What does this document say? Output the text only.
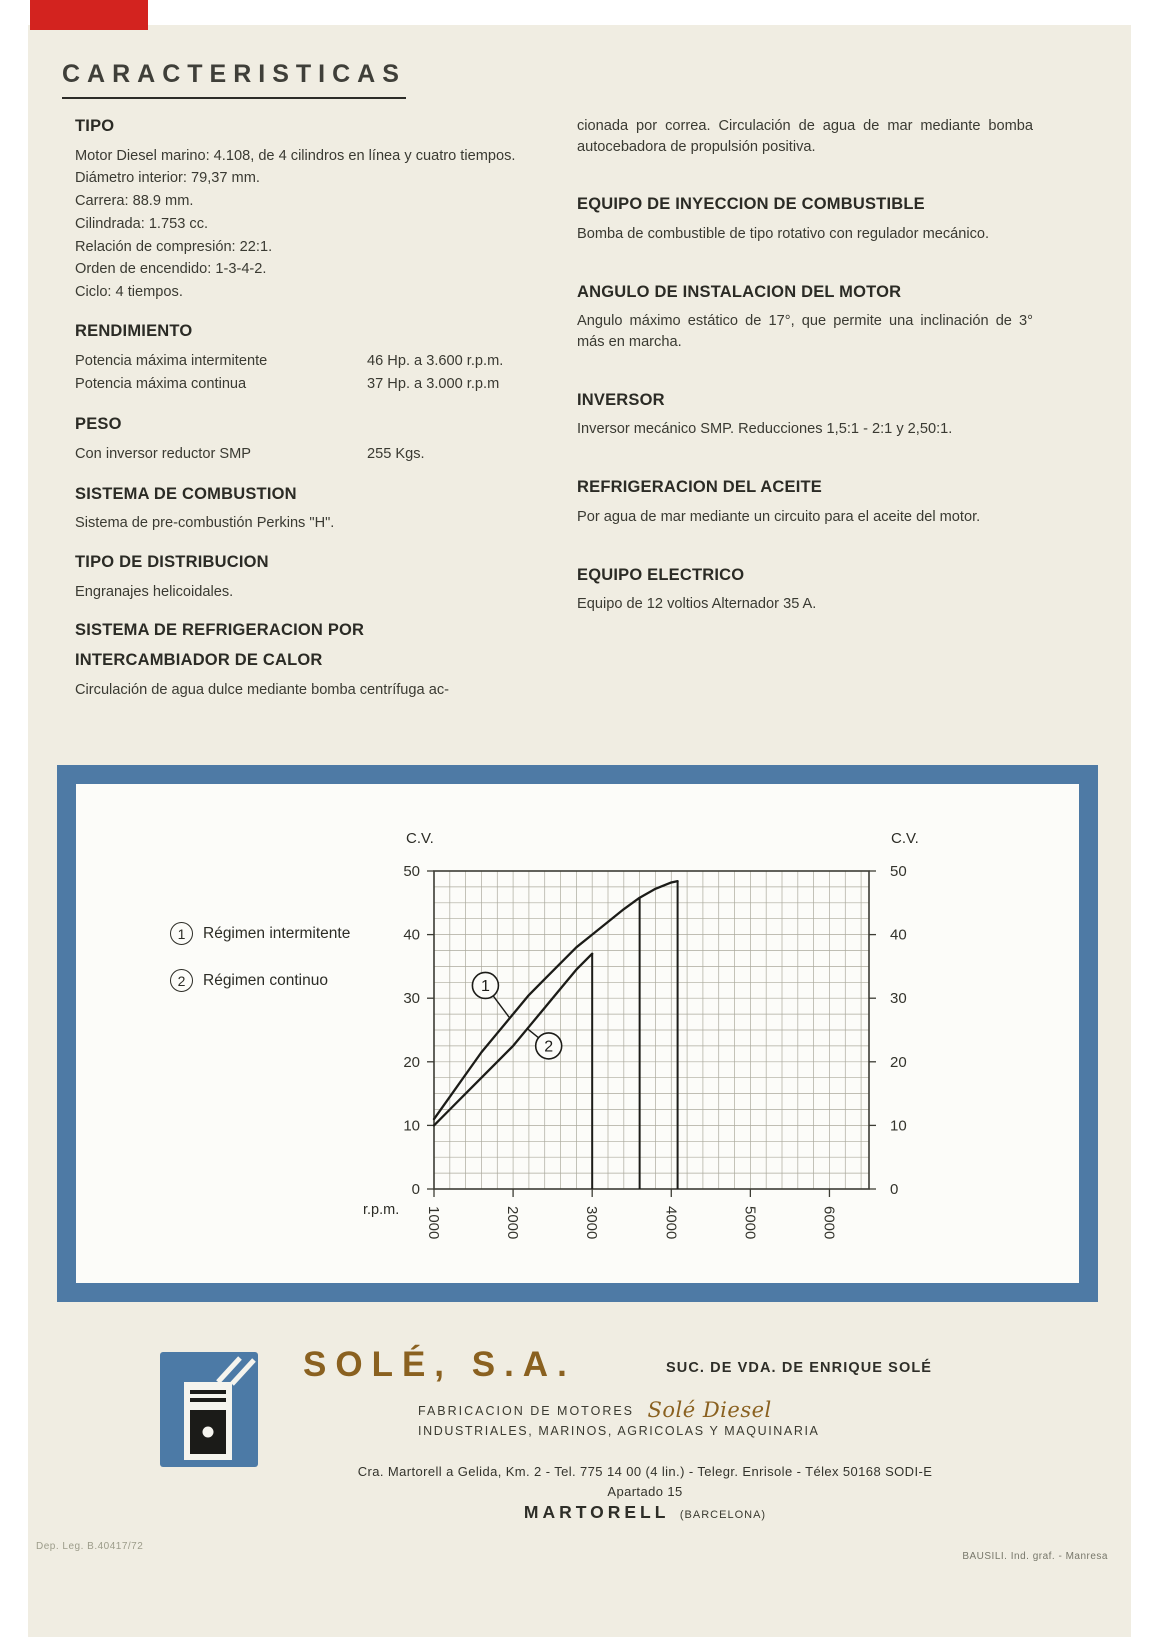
CARACTERISTICAS
TIPO

Motor Diesel marino: 4.108, de 4 cilindros en línea y cuatro tiempos.

Diámetro interior: 79,37 mm.

Carrera: 88.9 mm.

Cilindrada: 1.753 cc.

Relación de compresión: 22:1.

Orden de encendido: 1-3-4-2.

Ciclo: 4 tiempos.

RENDIMIENTO
Potencia máxima intermitente	46 Hp. a 3.600 r.p.m.
Potencia máxima continua	37 Hp. a 3.000 r.p.m
PESO
Con inversor reductor SMP	255 Kgs.
SISTEMA DE COMBUSTION

Sistema de pre-combustión Perkins "H".

TIPO DE DISTRIBUCION

Engranajes helicoidales.

SISTEMA DE REFRIGERACION POR
INTERCAMBIADOR DE CALOR

Circulación de agua dulce mediante bomba centrífuga ac-

cionada por correa. Circulación de agua de mar mediante bomba autocebadora de propulsión positiva.

EQUIPO DE INYECCION DE COMBUSTIBLE

Bomba de combustible de tipo rotativo con regulador mecánico.

ANGULO DE INSTALACION DEL MOTOR

Angulo máximo estático de 17°, que permite una inclinación de 3° más en marcha.

INVERSOR

Inversor mecánico SMP. Reducciones 1,5:1 - 2:1 y 2,50:1.

REFRIGERACION DEL ACEITE

Por agua de mar mediante un circuito para el aceite del motor.

EQUIPO ELECTRICO

Equipo de 12 voltios Alternador 35 A.

0	0
10	10
20	20
30	30
40	40
50	50
1000	2000	3000	4000	5000	6000
1
2
C.V.	C.V.
r.p.m.
1	Régimen intermitente
2	Régimen continuo
SOLÉ, S.A.	SUC. DE VDA. DE ENRIQUE SOLÉ
FABRICACION DE MOTORES Solé Diesel
INDUSTRIALES, MARINOS, AGRICOLAS Y MAQUINARIA
Cra. Martorell a Gelida, Km. 2 - Tel. 775 14 00 (4 lin.) - Telegr. Enrisole - Télex 50168 SODI-E
Apartado 15
MARTORELL (BARCELONA)
Dep. Leg. B.40417/72
BAUSILI. Ind. graf. - Manresa
